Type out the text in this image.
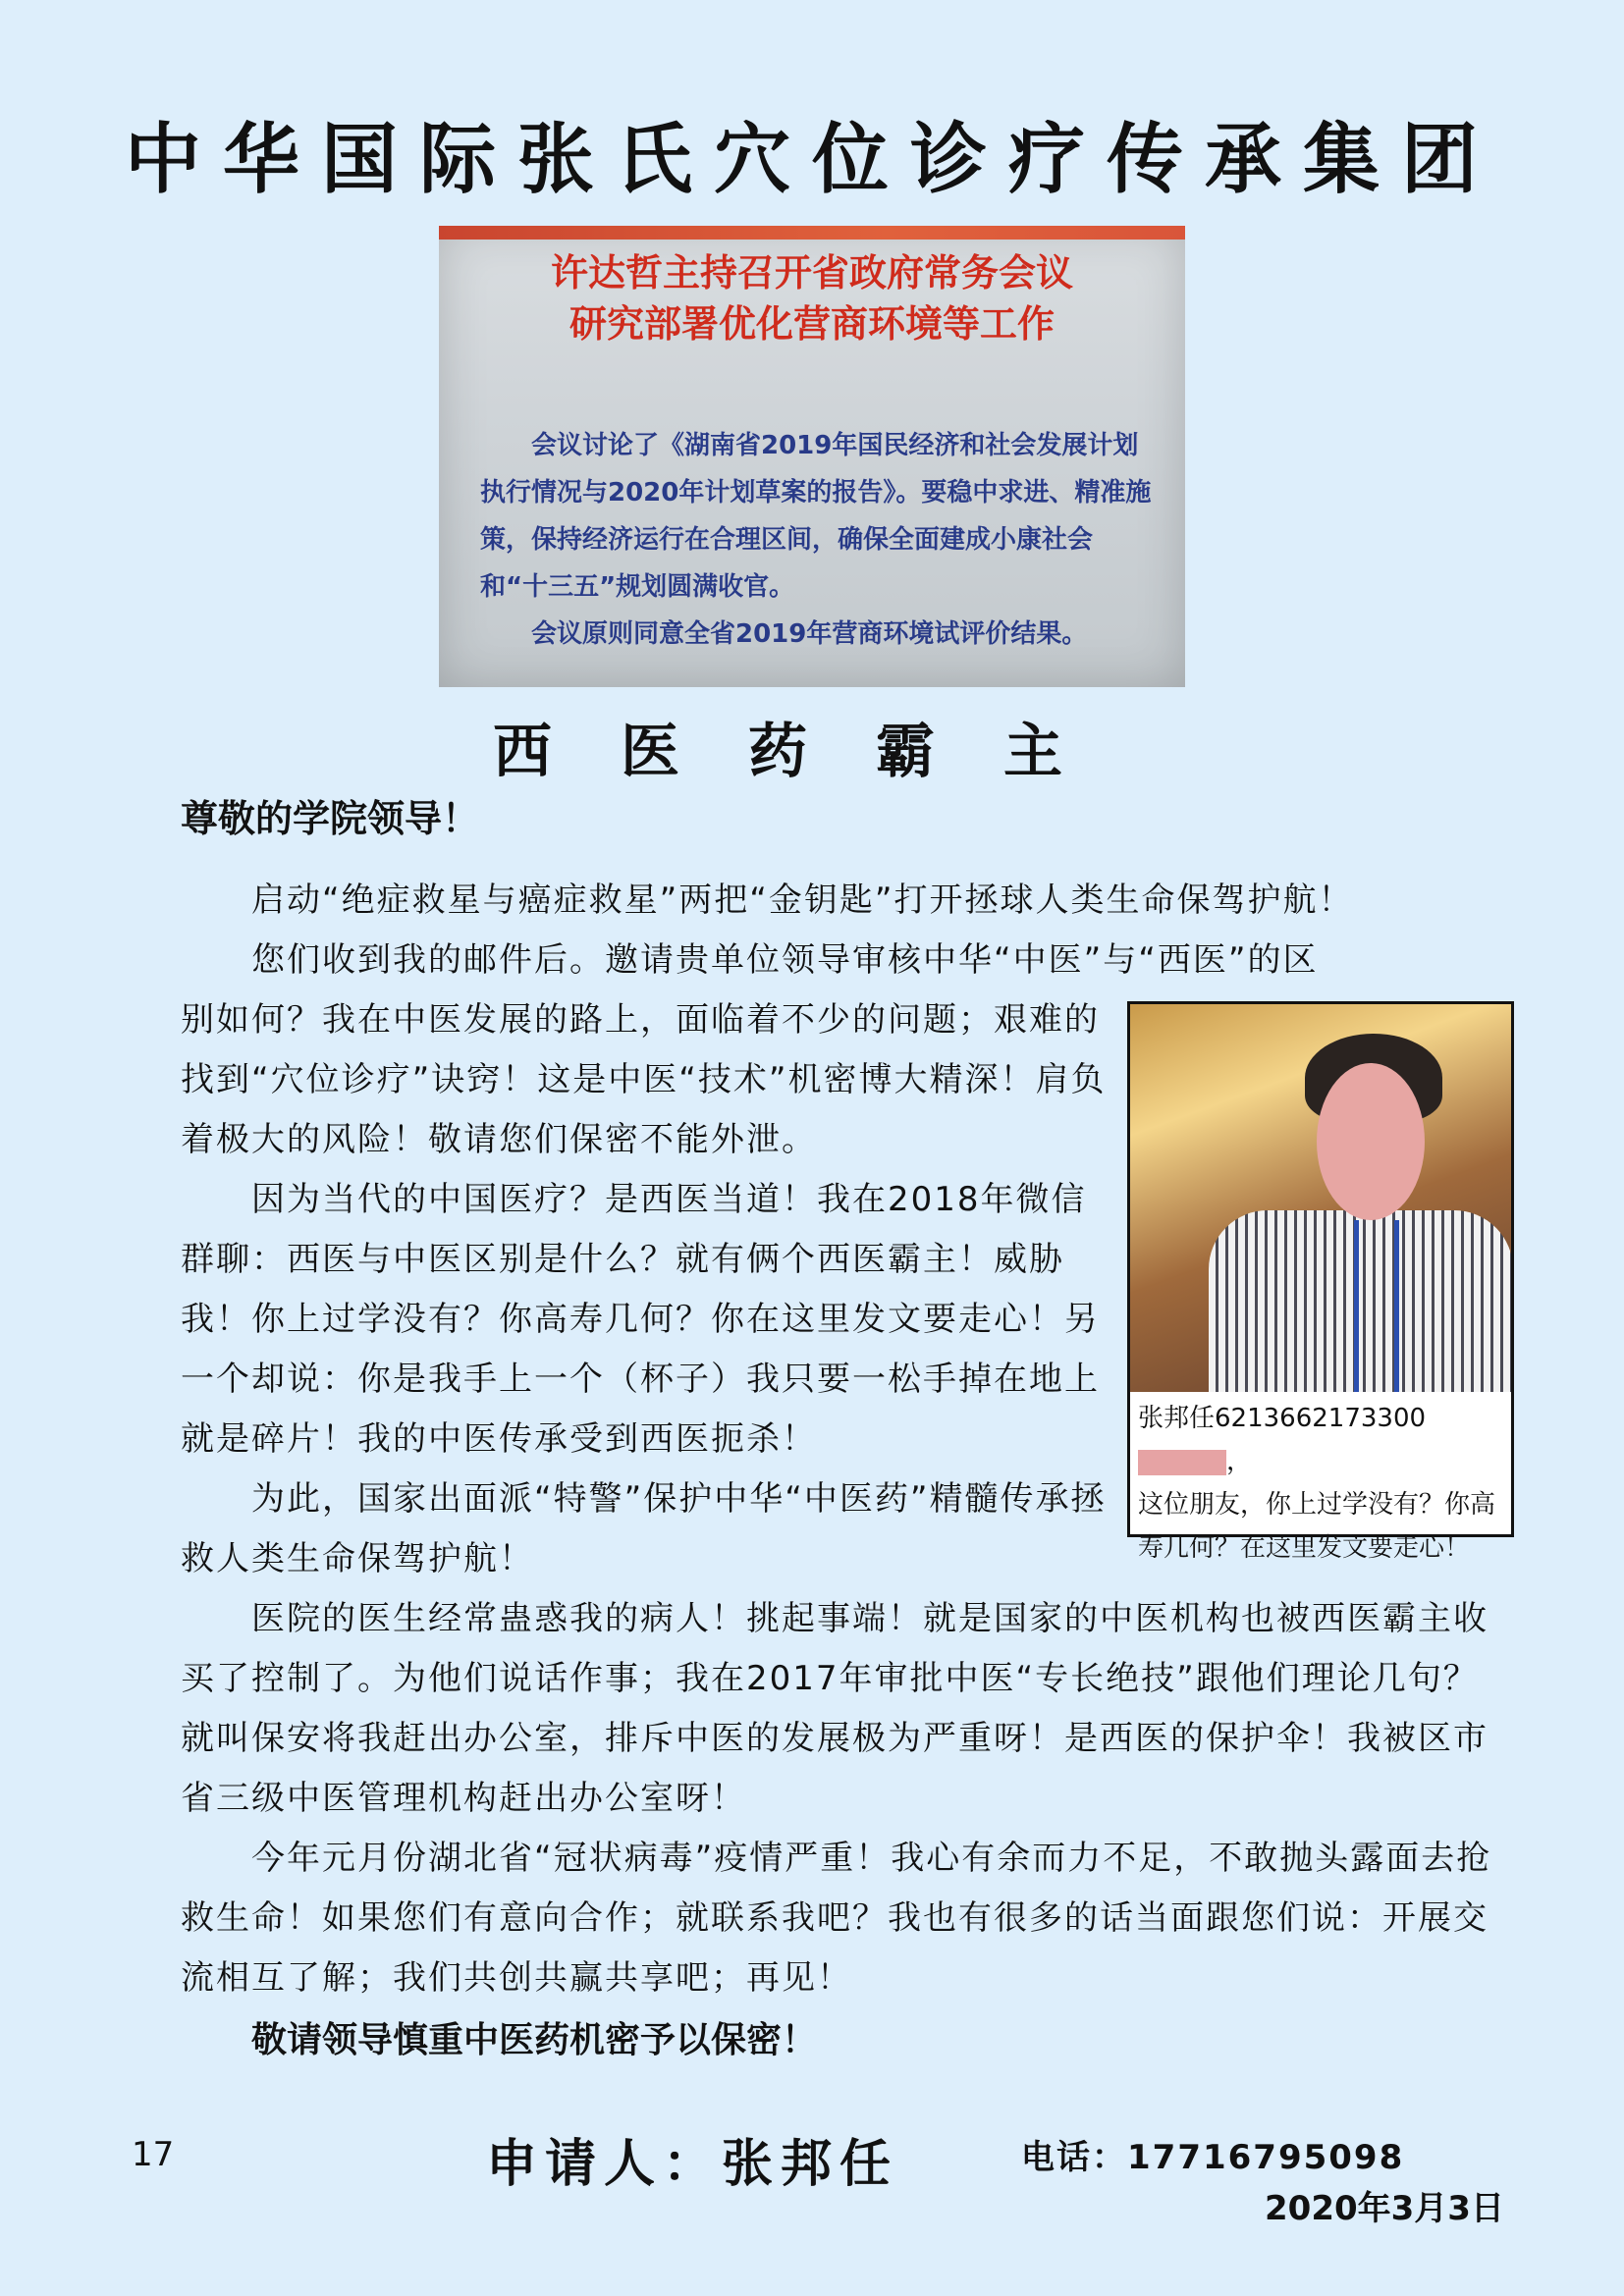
中华国际张氏穴位诊疗传承集团
许达哲主持召开省政府常务会议
研究部署优化营商环境等工作

会议讨论了《湖南省2019年国民经济和社会发展计划执行情况与2020年计划草案的报告》。要稳中求进、精准施策，保持经济运行在合理区间，确保全面建成小康社会和“十三五”规划圆满收官。

会议原则同意全省2019年营商环境试评价结果。

西医药霸主
尊敬的学院领导！

启动“绝症救星与癌症救星”两把“金钥匙”打开拯球人类生命保驾护航！

您们收到我的邮件后。邀请贵单位领导审核中华“中医”与“西医”的区

别如何？我在中医发展的路上，面临着不少的问题；艰难的找到“穴位诊疗”诀窍！这是中医“技术”机密博大精深！肩负着极大的风险！敬请您们保密不能外泄。

因为当代的中国医疗？是西医当道！我在2018年微信群聊：西医与中医区别是什么？就有俩个西医霸主！威胁我！你上过学没有？你高寿几何？你在这里发文要走心！另一个却说：你是我手上一个（杯子）我只要一松手掉在地上就是碎片！我的中医传承受到西医扼杀！

为此，国家出面派“特警”保护中华“中医药”精髓传承拯救人类生命保驾护航！

张邦任6213662173300，
这位朋友，你上过学没有？你高寿几何？在这里发文要走心！

医院的医生经常蛊惑我的病人！挑起事端！就是国家的中医机构也被西医霸主收买了控制了。为他们说话作事；我在2017年审批中医“专长绝技”跟他们理论几句？就叫保安将我赶出办公室，排斥中医的发展极为严重呀！是西医的保护伞！我被区市省三级中医管理机构赶出办公室呀！

今年元月份湖北省“冠状病毒”疫情严重！我心有余而力不足，不敢抛头露面去抢救生命！如果您们有意向合作；就联系我吧？我也有很多的话当面跟您们说：开展交流相互了解；我们共创共赢共享吧；再见！

敬请领导慎重中医药机密予以保密！
17	申请人：张邦任	电话：17716795098
2020年3月3日
